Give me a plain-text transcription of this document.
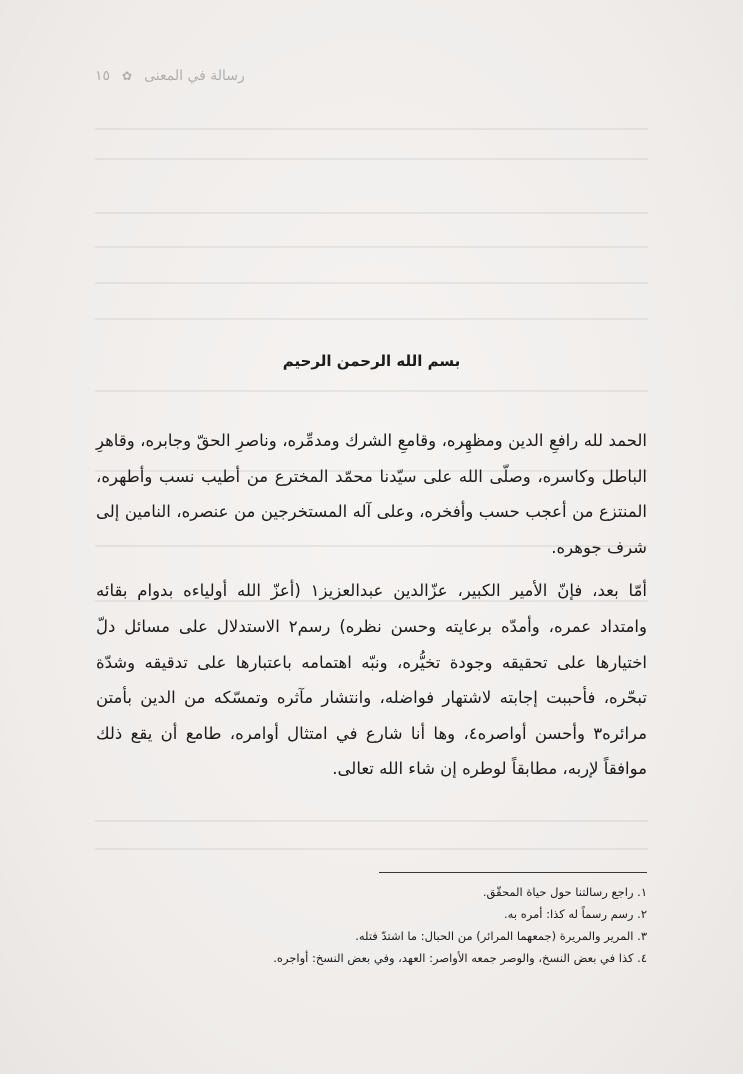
١٥ ✿ رسالة في المعنى
بسم الله الرحمن الرحيم

الحمد لله رافعِ الدين ومظهِره، وقامعِ الشرك ومدمِّره، وناصرِ الحقّ وجابره، وقاهرِ الباطل وكاسره، وصلّى الله على سيّدنا محمّد المخترع من أطيب نسب وأطهره، المنتزع من أعجب حسب وأفخره، وعلى آله المستخرجين من عنصره، النامين إلى شرف جوهره.

أمّا بعد، فإنّ الأمير الكبير، عزّالدين عبدالعزيز١ (أعزّ الله أولياءه بدوام بقائه وامتداد عمره، وأمدّه برعايته وحسن نظره) رسم٢ الاستدلال على مسائل دلّ اختيارها على تحقيقه وجودة تخيُّره، ونبّه اهتمامه باعتبارها على تدقيقه وشدّة تبحّره، فأحببت إجابته لاشتهار فواضله، وانتشار مآثره وتمسّكه من الدين بأمتن مرائره٣ وأحسن أواصره٤، وها أنا شارع في امتثال أوامره، طامع أن يقع ذلك موافقاً لإربه، مطابقاً لوطره إن شاء الله تعالى.

١. راجع رسالتنا حول حياة المحقّق.
٢. رسم رسماً له كذا: أمره به.
٣. المرير والمريرة (جمعهما المرائر) من الحبال: ما اشتدّ فتله.
٤. كذا في بعض النسخ، والوصر جمعه الأواصر: العهد، وفي بعض النسخ: أواجره.
